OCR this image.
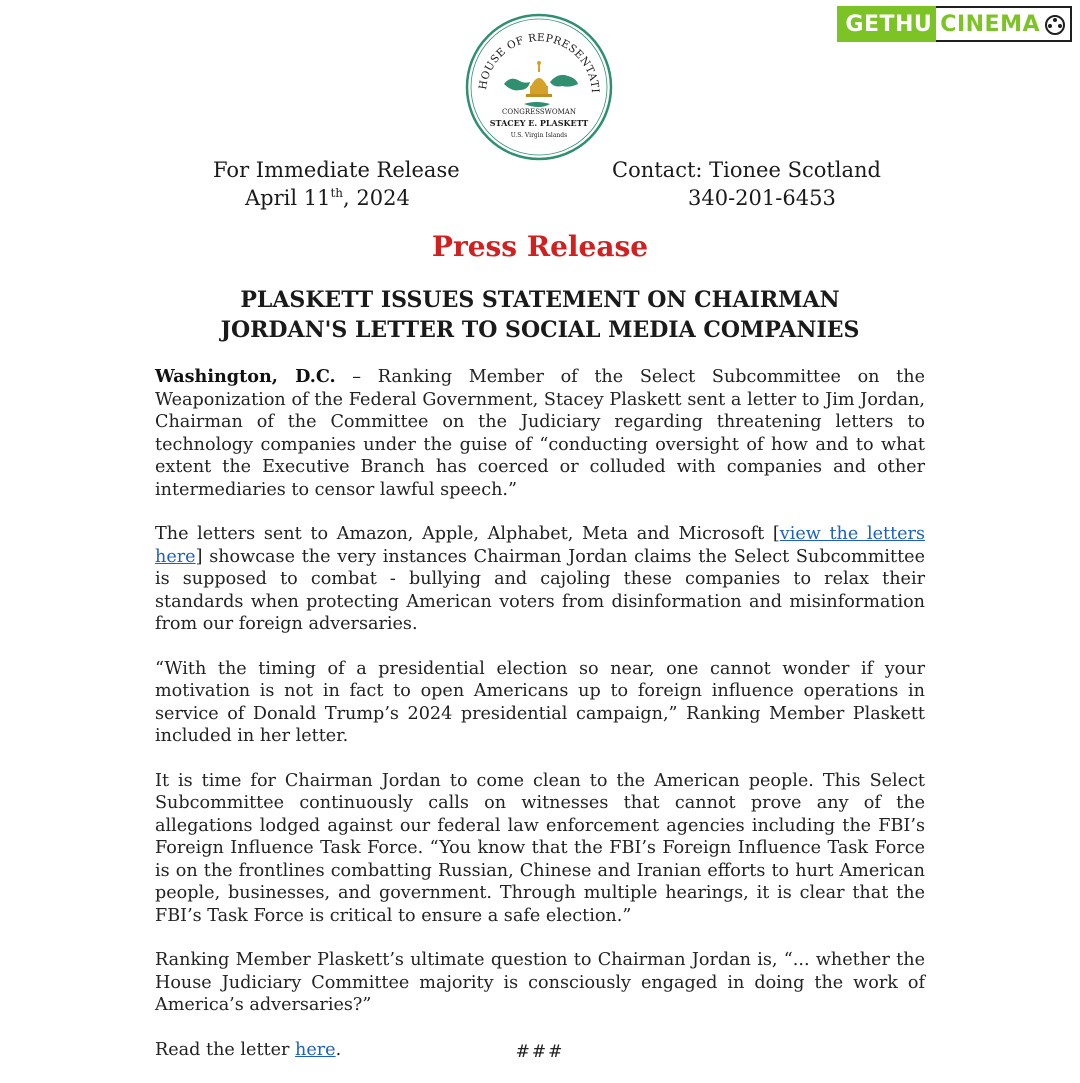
GETHU CINEMA
HOUSE OF REPRESENTATI
CONGRESSWOMAN
STACEY E. PLASKETT
U.S. Virgin Islands
For Immediate Release
April 11th, 2024
Contact: Tionee Scotland
340-201-6453
Press Release
PLASKETT ISSUES STATEMENT ON CHAIRMAN
JORDAN'S LETTER TO SOCIAL MEDIA COMPANIES

Washington, D.C. – Ranking Member of the Select Subcommittee on the Weaponization of the Federal Government, Stacey Plaskett sent a letter to Jim Jordan, Chairman of the Committee on the Judiciary regarding threatening letters to technology companies under the guise of “conducting oversight of how and to what extent the Executive Branch has coerced or colluded with companies and other intermediaries to censor lawful speech.”

The letters sent to Amazon, Apple, Alphabet, Meta and Microsoft [view the letters here] showcase the very instances Chairman Jordan claims the Select Subcommittee is supposed to combat - bullying and cajoling these companies to relax their standards when protecting American voters from disinformation and misinformation from our foreign adversaries.

“With the timing of a presidential election so near, one cannot wonder if your motivation is not in fact to open Americans up to foreign influence operations in service of Donald Trump’s 2024 presidential campaign,” Ranking Member Plaskett included in her letter.

It is time for Chairman Jordan to come clean to the American people. This Select Subcommittee continuously calls on witnesses that cannot prove any of the allegations lodged against our federal law enforcement agencies including the FBI’s Foreign Influence Task Force. “You know that the FBI’s Foreign Influence Task Force is on the frontlines combatting Russian, Chinese and Iranian efforts to hurt American people, businesses, and government. Through multiple hearings, it is clear that the FBI’s Task Force is critical to ensure a safe election.”

Ranking Member Plaskett’s ultimate question to Chairman Jordan is, “... whether the House Judiciary Committee majority is consciously engaged in doing the work of America’s adversaries?”

Read the letter here.	###
